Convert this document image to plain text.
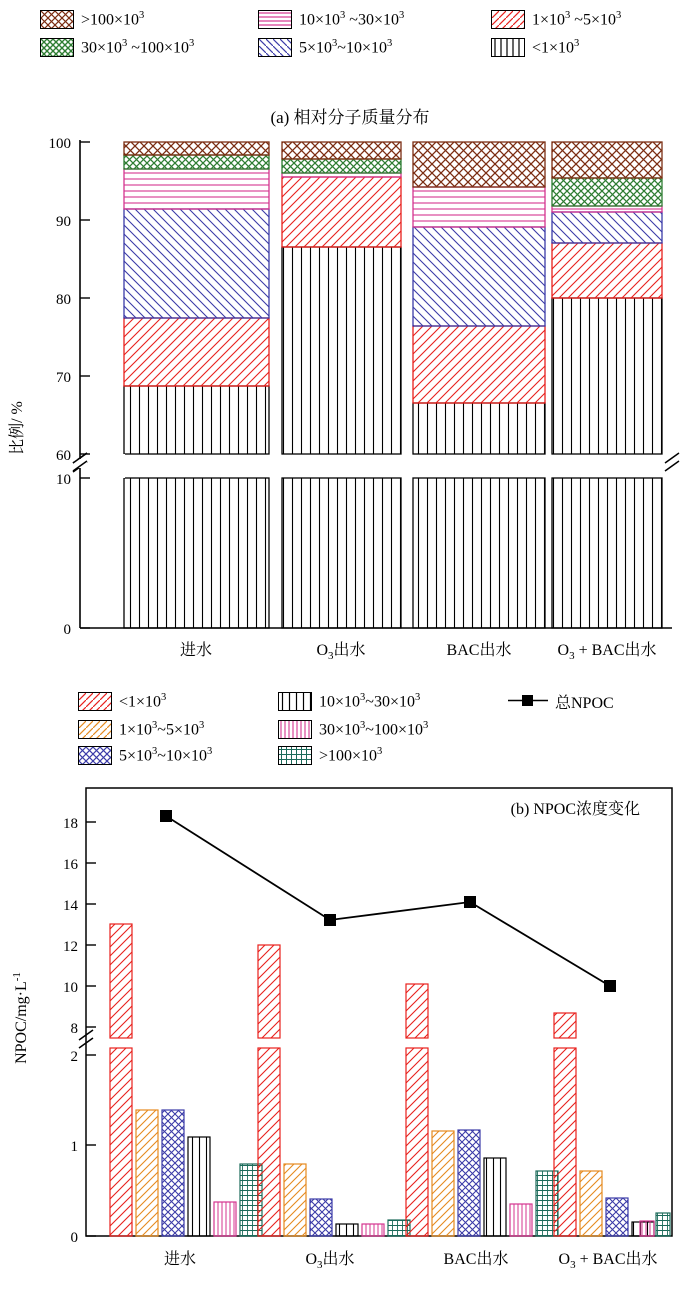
$>100\times 10^3$	$10\times 10^3$ $\sim 30\times 10^3$	$1\times 10^3$ $\sim 5\times 10^3$
$30\times 10^3$ $\sim 100\times 10^3$	$5\times 10^3\sim 10\times 10^3$	$<1\times 10^3$
(a) 相对分子质量分布
比例/ %
100
90
80
70
60
10
0
进水	$O_3$出水	BAC出水	$O_3$ + BAC出水
$<1\times 10^3$	$10\times 10^3\sim 30\times 10^3$	总NPOC
$1\times 10^3\sim 5\times 10^3$	$30\times 10^3\sim 100\times 10^3$
$5\times 10^3\sim 10\times 10^3$	$>100\times 10^3$
NPOC/$mg\cdot L^{-1}$
(b) NPOC浓度变化
18
16
14
12
10
8
2
1
0
进水	$O_3$出水	BAC出水	$O_3$ + BAC出水
